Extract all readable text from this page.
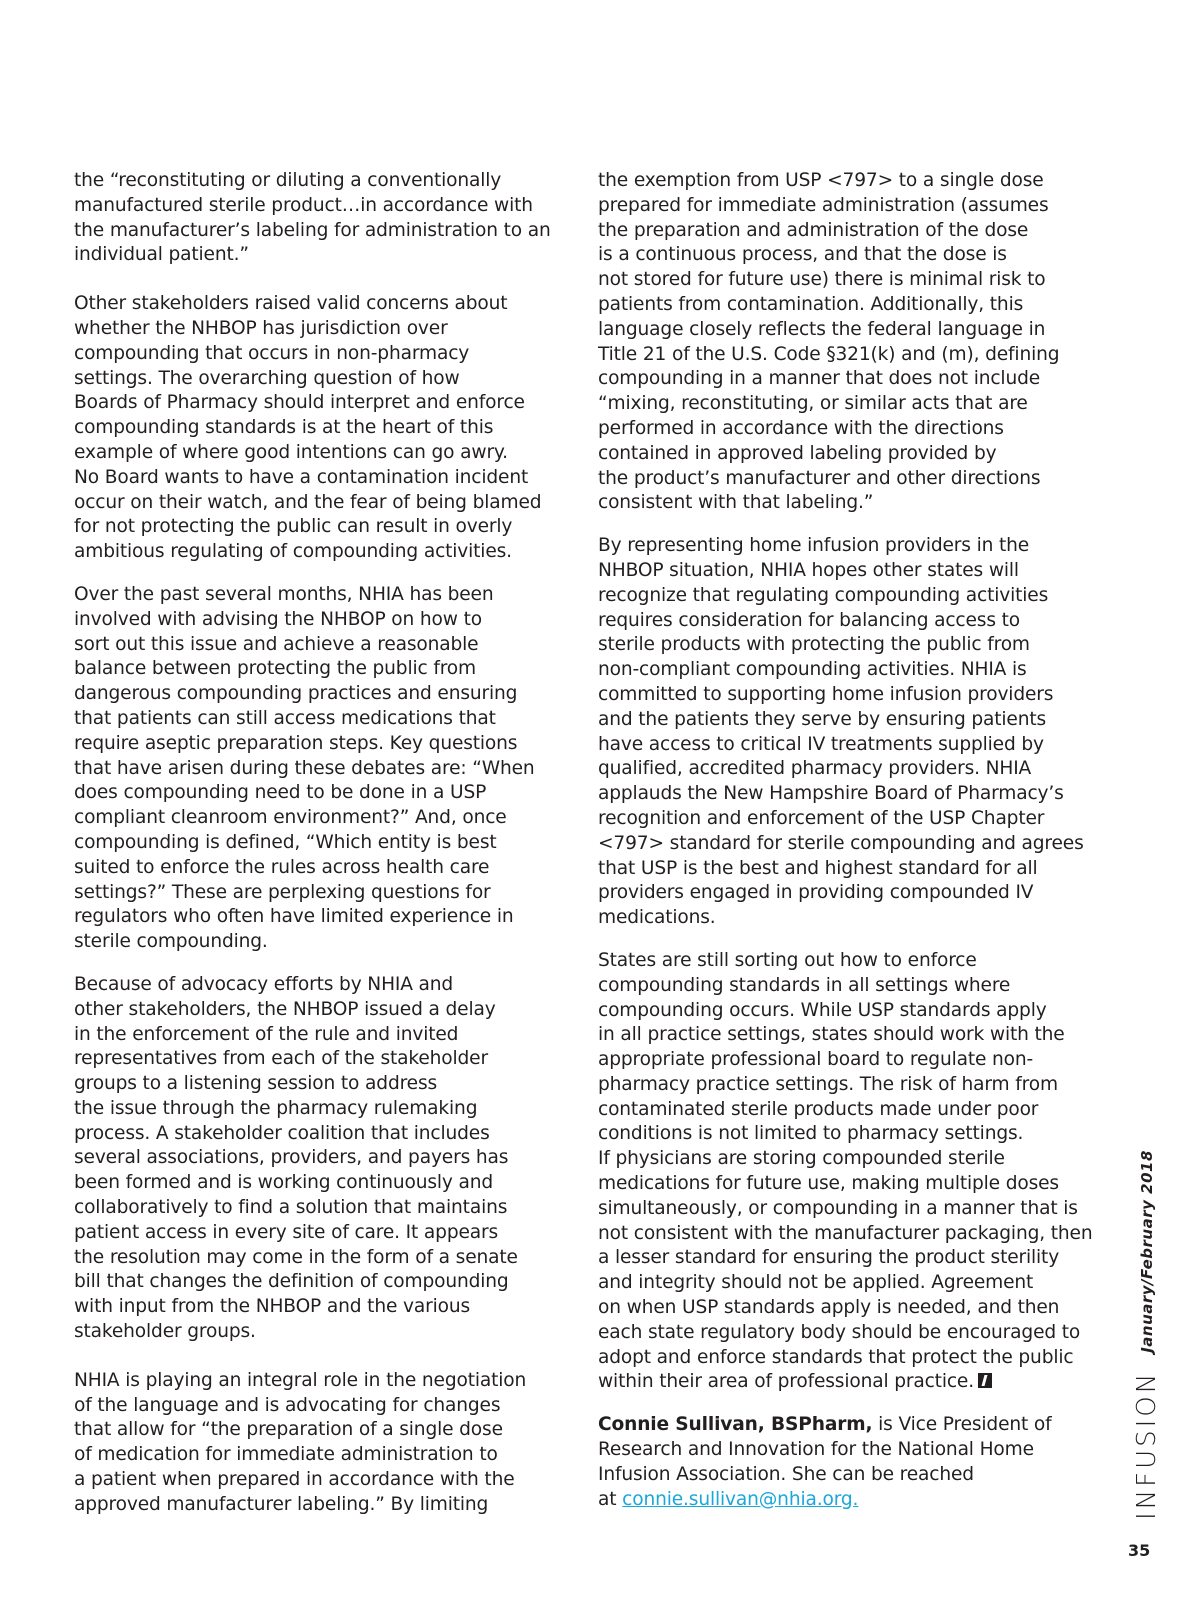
the “reconstituting or diluting a conventionally
manufactured sterile product…in accordance with
the manufacturer’s labeling for administration to an
individual patient.”

Other stakeholders raised valid concerns about
whether the NHBOP has jurisdiction over
compounding that occurs in non-pharmacy
settings. The overarching question of how
Boards of Pharmacy should interpret and enforce
compounding standards is at the heart of this
example of where good intentions can go awry.
No Board wants to have a contamination incident
occur on their watch, and the fear of being blamed
for not protecting the public can result in overly
ambitious regulating of compounding activities.

Over the past several months, NHIA has been
involved with advising the NHBOP on how to
sort out this issue and achieve a reasonable
balance between protecting the public from
dangerous compounding practices and ensuring
that patients can still access medications that
require aseptic preparation steps. Key questions
that have arisen during these debates are: “When
does compounding need to be done in a USP
compliant cleanroom environment?” And, once
compounding is defined, “Which entity is best
suited to enforce the rules across health care
settings?” These are perplexing questions for
regulators who often have limited experience in
sterile compounding.

Because of advocacy efforts by NHIA and
other stakeholders, the NHBOP issued a delay
in the enforcement of the rule and invited
representatives from each of the stakeholder
groups to a listening session to address
the issue through the pharmacy rulemaking
process. A stakeholder coalition that includes
several associations, providers, and payers has
been formed and is working continuously and
collaboratively to find a solution that maintains
patient access in every site of care. It appears
the resolution may come in the form of a senate
bill that changes the definition of compounding
with input from the NHBOP and the various
stakeholder groups.

NHIA is playing an integral role in the negotiation
of the language and is advocating for changes
that allow for “the preparation of a single dose
of medication for immediate administration to
a patient when prepared in accordance with the
approved manufacturer labeling.” By limiting

the exemption from USP <797> to a single dose
prepared for immediate administration (assumes
the preparation and administration of the dose
is a continuous process, and that the dose is
not stored for future use) there is minimal risk to
patients from contamination. Additionally, this
language closely reflects the federal language in
Title 21 of the U.S. Code §321(k) and (m), defining
compounding in a manner that does not include
“mixing, reconstituting, or similar acts that are
performed in accordance with the directions
contained in approved labeling provided by
the product’s manufacturer and other directions
consistent with that labeling.”

By representing home infusion providers in the
NHBOP situation, NHIA hopes other states will
recognize that regulating compounding activities
requires consideration for balancing access to
sterile products with protecting the public from
non-compliant compounding activities. NHIA is
committed to supporting home infusion providers
and the patients they serve by ensuring patients
have access to critical IV treatments supplied by
qualified, accredited pharmacy providers. NHIA
applauds the New Hampshire Board of Pharmacy’s
recognition and enforcement of the USP Chapter
<797> standard for sterile compounding and agrees
that USP is the best and highest standard for all
providers engaged in providing compounded IV
medications.

States are still sorting out how to enforce
compounding standards in all settings where
compounding occurs. While USP standards apply
in all practice settings, states should work with the
appropriate professional board to regulate non-
pharmacy practice settings. The risk of harm from
contaminated sterile products made under poor
conditions is not limited to pharmacy settings.
If physicians are storing compounded sterile
medications for future use, making multiple doses
simultaneously, or compounding in a manner that is
not consistent with the manufacturer packaging, then
a lesser standard for ensuring the product sterility
and integrity should not be applied. Agreement
on when USP standards apply is needed, and then
each state regulatory body should be encouraged to
adopt and enforce standards that protect the public
within their area of professional practice.

Connie Sullivan, BSPharm, is Vice President of
Research and Innovation for the National Home
Infusion Association. She can be reached
at connie.sullivan@nhia.org.	INFUSION
January/February 2018
35
